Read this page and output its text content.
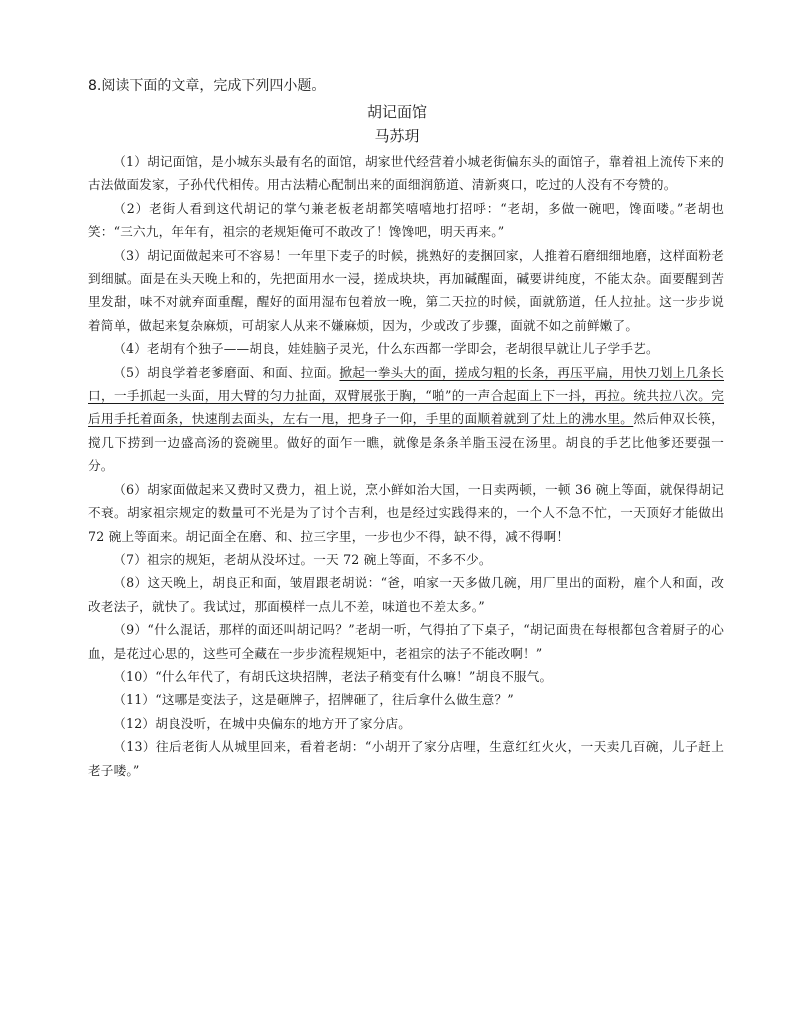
8.阅读下面的文章，完成下列四小题。
胡记面馆
马苏玥

（1）胡记面馆，是小城东头最有名的面馆，胡家世代经营着小城老街偏东头的面馆子，靠着祖上流传下来的古法做面发家，子孙代代相传。用古法精心配制出来的面细润筋道、清新爽口，吃过的人没有不夸赞的。

（2）老街人看到这代胡记的掌勺兼老板老胡都笑嘻嘻地打招呼：“老胡，多做一碗吧，馋面喽。”老胡也笑：“三六九，年年有，祖宗的老规矩俺可不敢改了！馋馋吧，明天再来。”

（3）胡记面做起来可不容易！一年里下麦子的时候，挑熟好的麦捆回家，人推着石磨细细地磨，这样面粉老到细腻。面是在头天晚上和的，先把面用水一浸，搓成块块，再加碱醒面，碱要讲纯度，不能太杂。面要醒到苦里发甜，味不对就弃面重醒，醒好的面用湿布包着放一晚，第二天拉的时候，面就筋道，任人拉扯。这一步步说着简单，做起来复杂麻烦，可胡家人从来不嫌麻烦，因为，少或改了步骤，面就不如之前鲜嫩了。

（4）老胡有个独子——胡良，娃娃脑子灵光，什么东西都一学即会，老胡很早就让儿子学手艺。

（5）胡良学着老爹磨面、和面、拉面。掀起一拳头大的面，搓成匀粗的长条，再压平扁，用快刀划上几条长口，一手抓起一头面，用大臂的匀力扯面，双臂展张于胸，“啪”的一声合起面上下一抖，再拉。统共拉八次。完后用手托着面条，快速削去面头，左右一甩，把身子一仰，手里的面顺着就到了灶上的沸水里。然后伸双长筷，搅几下捞到一边盛高汤的瓷碗里。做好的面乍一瞧，就像是条条羊脂玉浸在汤里。胡良的手艺比他爹还要强一分。

（6）胡家面做起来又费时又费力，祖上说，烹小鲜如治大国，一日卖两顿，一顿 36 碗上等面，就保得胡记不衰。胡家祖宗规定的数量可不光是为了讨个吉利，也是经过实践得来的，一个人不急不忙，一天顶好才能做出 72 碗上等面来。胡记面全在磨、和、拉三字里，一步也少不得，缺不得，减不得啊！

（7）祖宗的规矩，老胡从没坏过。一天 72 碗上等面，不多不少。

（8）这天晚上，胡良正和面，皱眉跟老胡说：“爸，咱家一天多做几碗，用厂里出的面粉，雇个人和面，改改老法子，就快了。我试过，那面模样一点儿不差，味道也不差太多。”

（9）“什么混话，那样的面还叫胡记吗？”老胡一听，气得拍了下桌子，“胡记面贵在每根都包含着厨子的心血，是花过心思的，这些可全藏在一步步流程规矩中，老祖宗的法子不能改啊！”

（10）“什么年代了，有胡氏这块招牌，老法子稍变有什么嘛！”胡良不服气。

（11）“这哪是变法子，这是砸牌子，招牌砸了，往后拿什么做生意？”

（12）胡良没听，在城中央偏东的地方开了家分店。

（13）往后老街人从城里回来，看着老胡：“小胡开了家分店哩，生意红红火火，一天卖几百碗，儿子赶上老子喽。”
